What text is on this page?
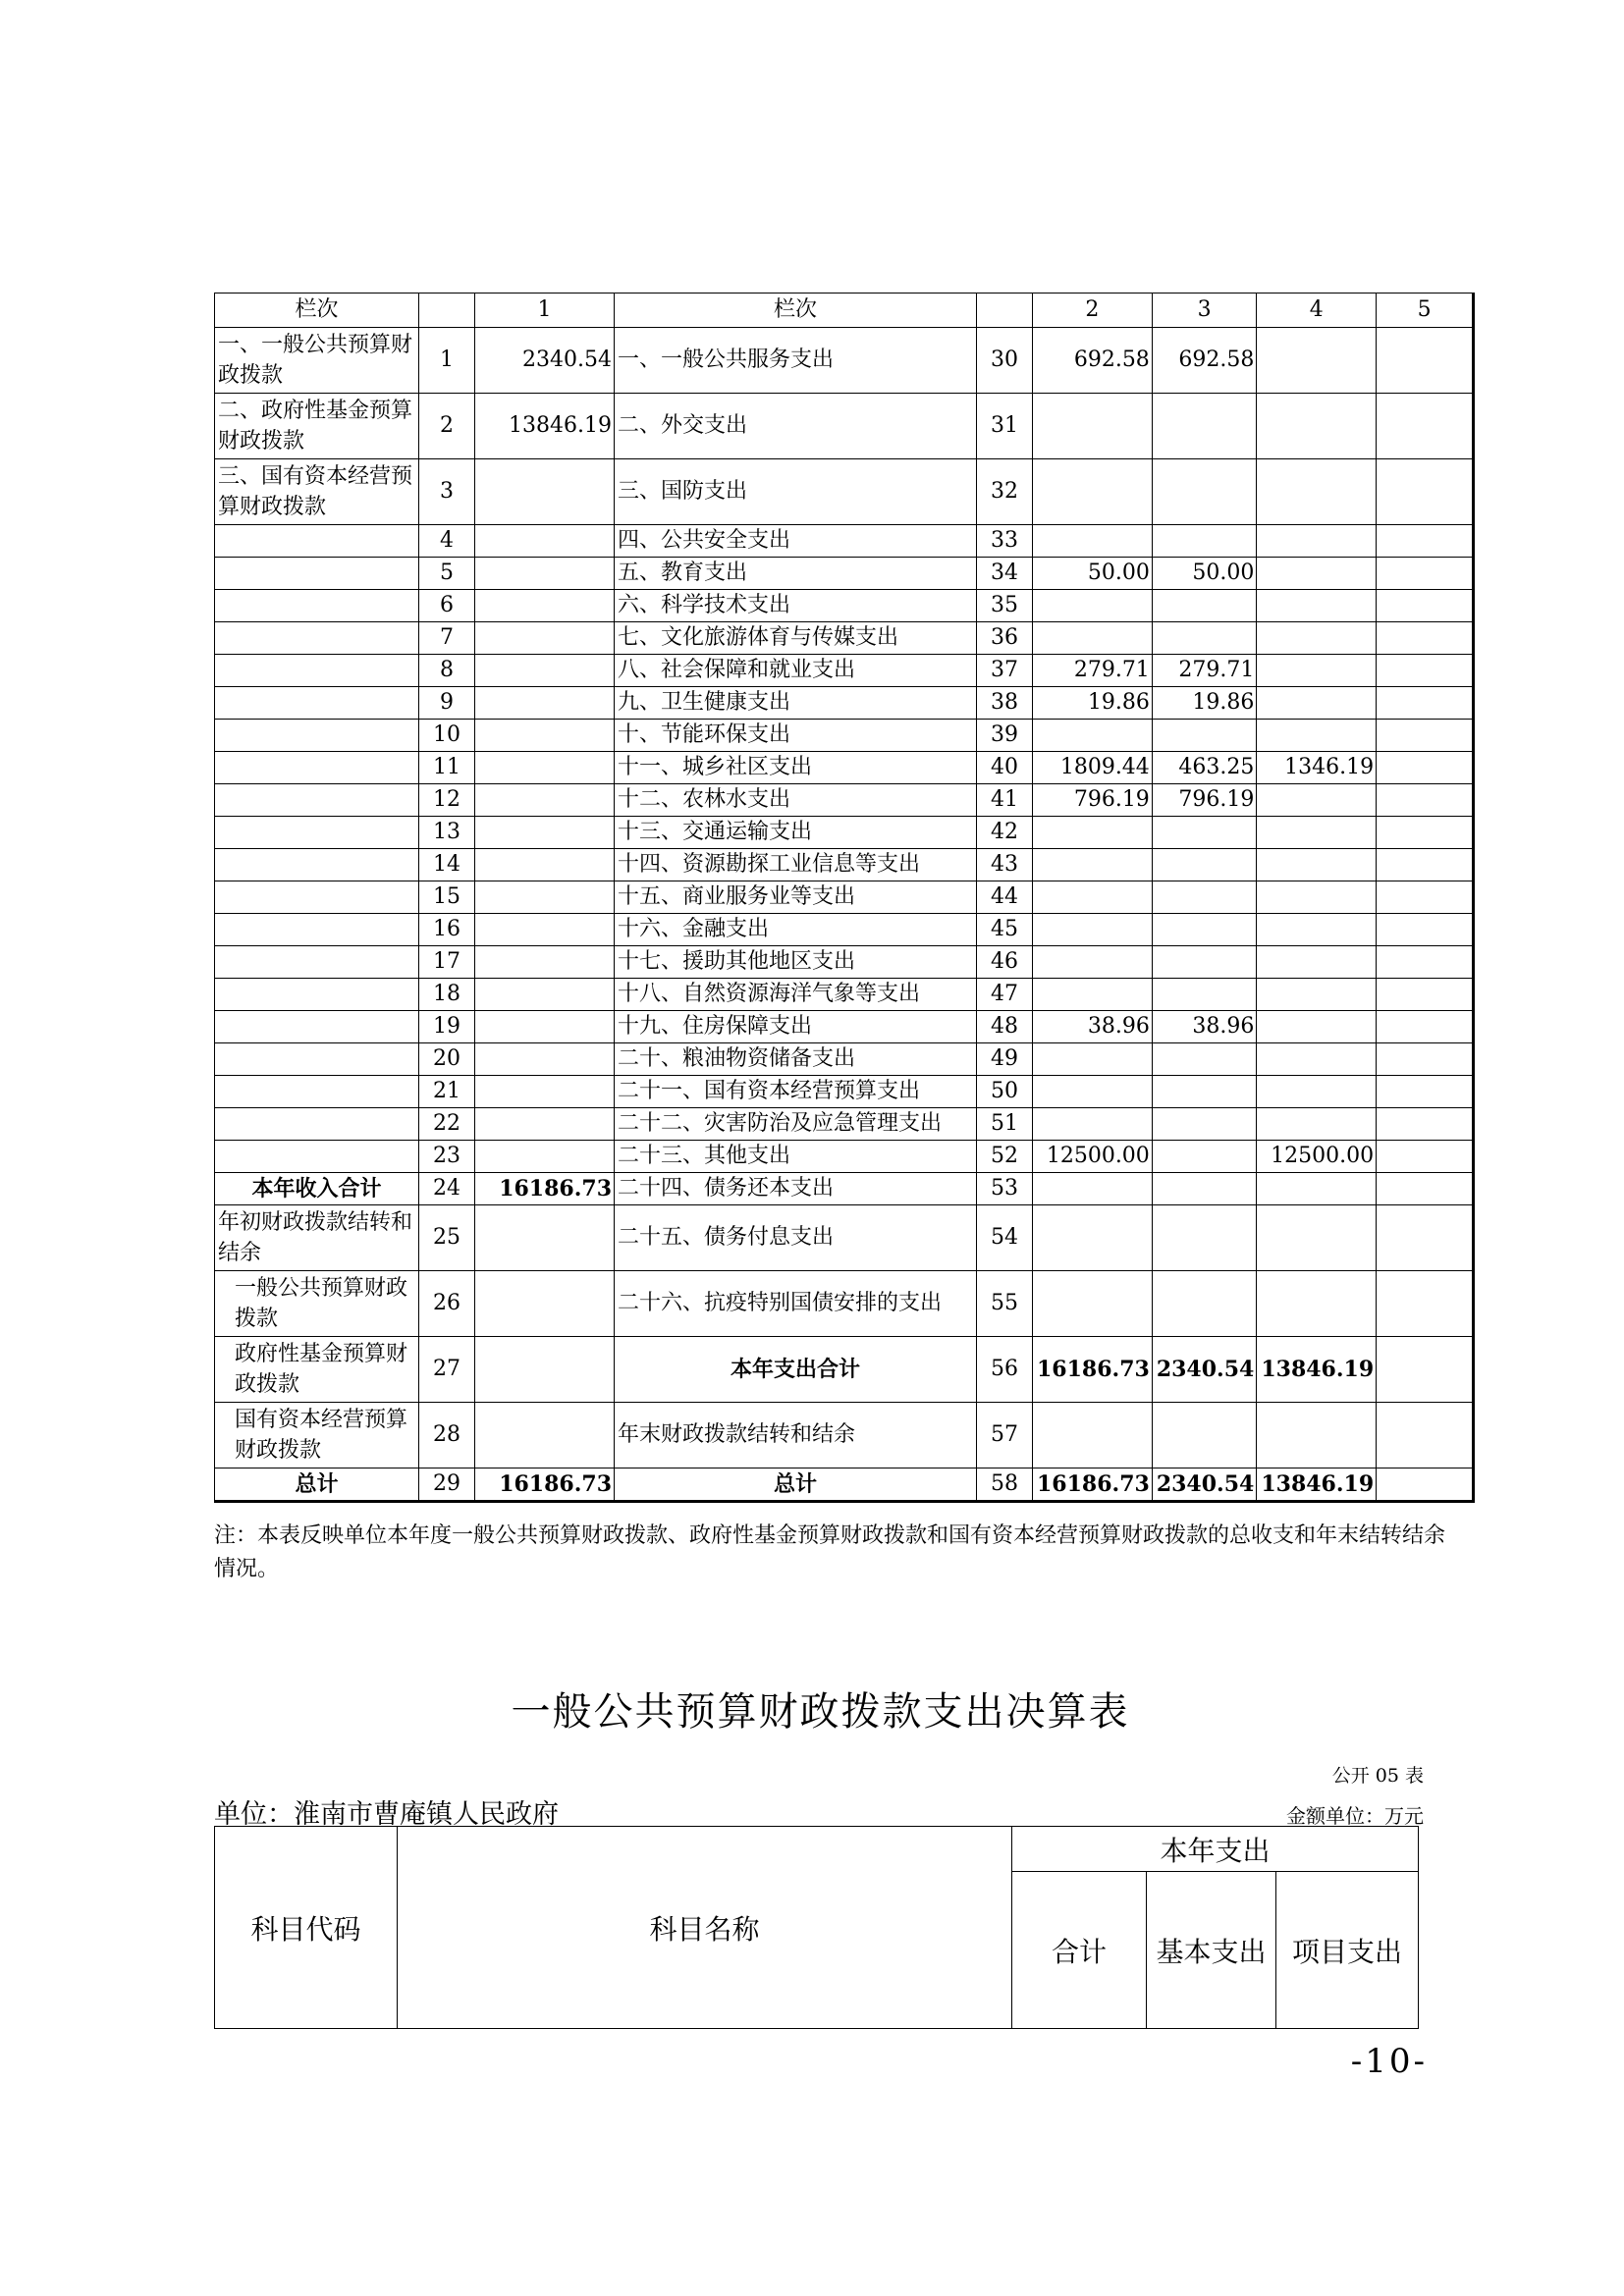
栏次		1	栏次		2	3	4	5
一、一般公共预算财政拨款	1	2340.54	一、一般公共服务支出	30	692.58	692.58		
二、政府性基金预算财政拨款	2	13846.19	二、外交支出	31				
三、国有资本经营预算财政拨款	3		三、国防支出	32				
	4		四、公共安全支出	33				
	5		五、教育支出	34	50.00	50.00		
	6		六、科学技术支出	35				
	7		七、文化旅游体育与传媒支出	36				
	8		八、社会保障和就业支出	37	279.71	279.71		
	9		九、卫生健康支出	38	19.86	19.86		
	10		十、节能环保支出	39				
	11		十一、城乡社区支出	40	1809.44	463.25	1346.19	
	12		十二、农林水支出	41	796.19	796.19		
	13		十三、交通运输支出	42				
	14		十四、资源勘探工业信息等支出	43				
	15		十五、商业服务业等支出	44				
	16		十六、金融支出	45				
	17		十七、援助其他地区支出	46				
	18		十八、自然资源海洋气象等支出	47				
	19		十九、住房保障支出	48	38.96	38.96		
	20		二十、粮油物资储备支出	49				
	21		二十一、国有资本经营预算支出	50				
	22		二十二、灾害防治及应急管理支出	51				
	23		二十三、其他支出	52	12500.00		12500.00	
本年收入合计	24	16186.73	二十四、债务还本支出	53				
年初财政拨款结转和结余	25		二十五、债务付息支出	54				
一般公共预算财政拨款	26		二十六、抗疫特别国债安排的支出	55				
政府性基金预算财政拨款	27		本年支出合计	56	16186.73	2340.54	13846.19	
国有资本经营预算财政拨款	28		年末财政拨款结转和结余	57				
总计	29	16186.73	总计	58	16186.73	2340.54	13846.19	
注：本表反映单位本年度一般公共预算财政拨款、政府性基金预算财政拨款和国有资本经营预算财政拨款的总收支和年末结转结余情况。
一般公共预算财政拨款支出决算表
公开 05 表
单位：淮南市曹庵镇人民政府	金额单位：万元
科目代码	科目名称	本年支出		
		合计	基本支出	项目支出
-10-
